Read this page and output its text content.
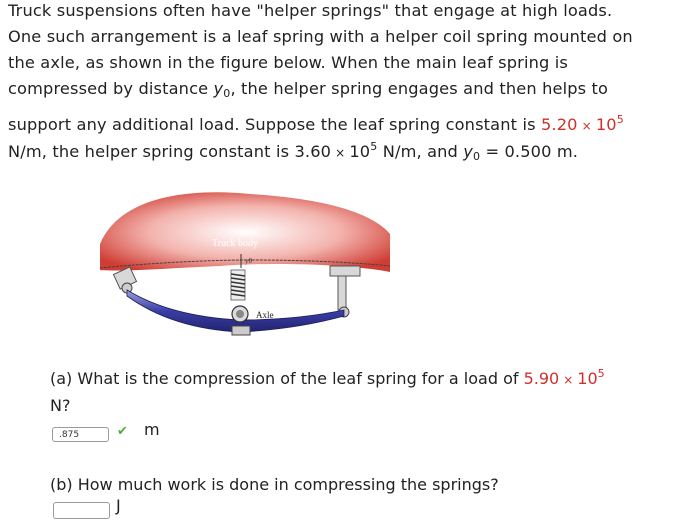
Truck suspensions often have "helper springs" that engage at high loads.
One such arrangement is a leaf spring with a helper coil spring mounted on
the axle, as shown in the figure below. When the main leaf spring is
compressed by distance $y_0$, the helper spring engages and then helps to
support any additional load. Suppose the leaf spring constant is $5.20 \times 10^5$
N/m, the helper spring constant is $3.60 \times 10^5$ N/m, and $y_0 = 0.500$ m.
Truck body
y0
Axle
(a) What is the compression of the leaf spring for a load of $5.90 \times 10^5$
N?
.875	✔ m
(b) How much work is done in compressing the springs?
J
